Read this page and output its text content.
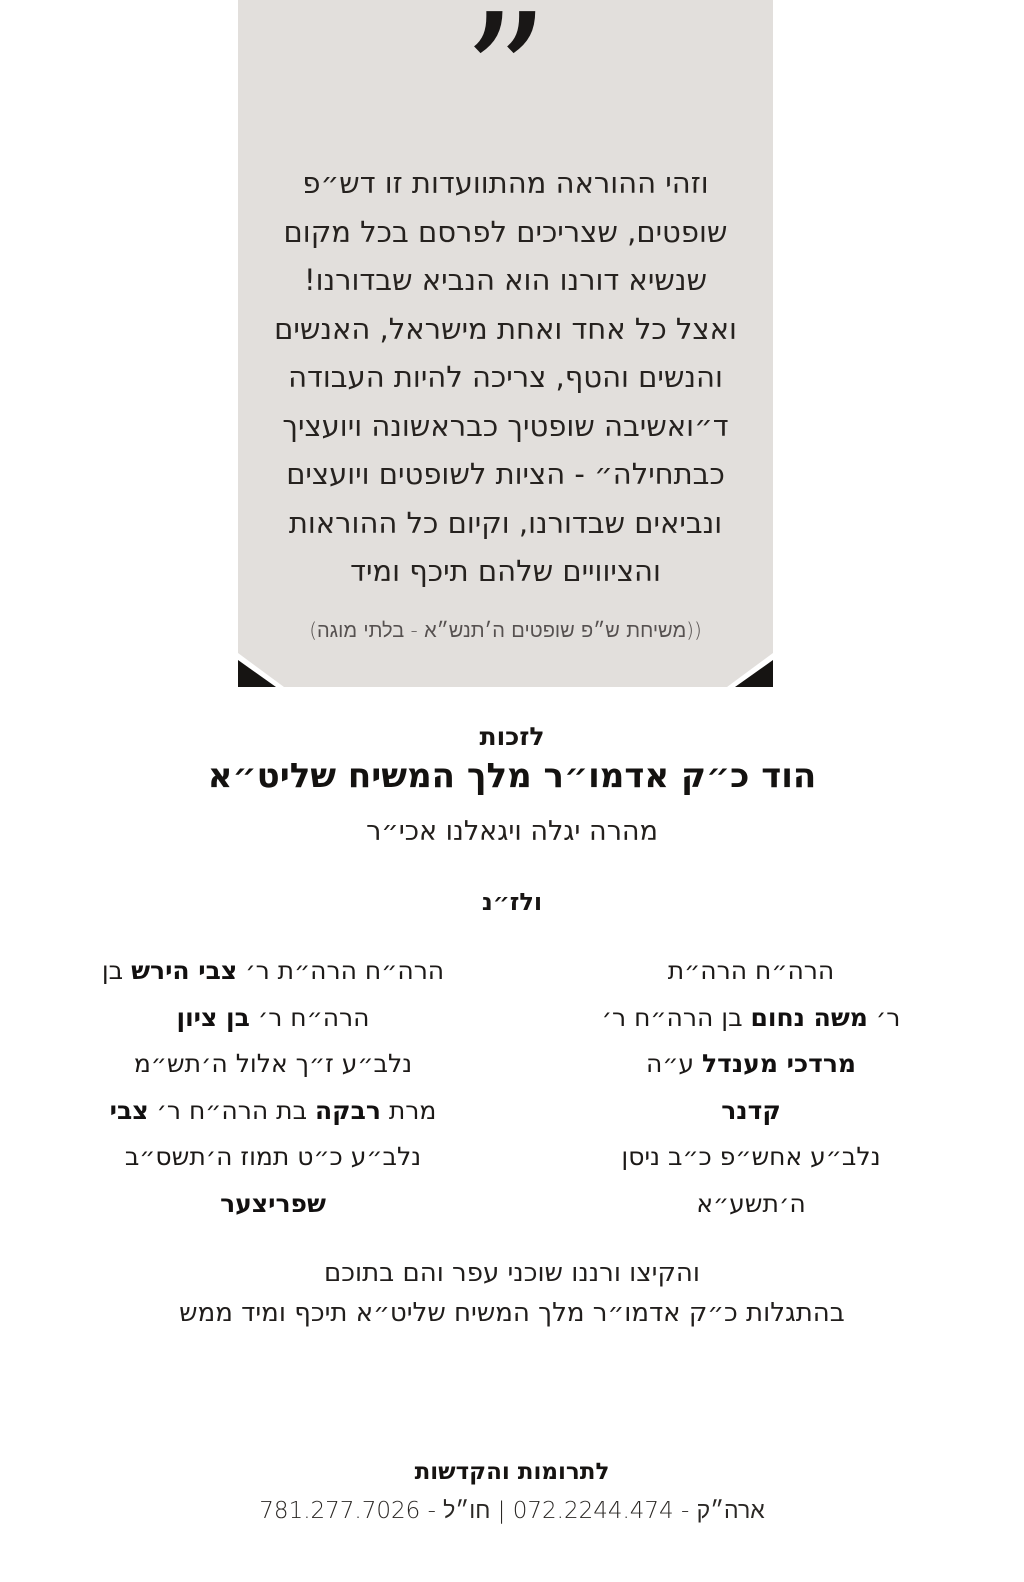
”
וזהי ההוראה מהתוועדות זו דש״פ
שופטים, שצריכים לפרסם בכל מקום
שנשיא דורנו הוא הנביא שבדורנו!
ואצל כל אחד ואחת מישראל, האנשים
והנשים והטף, צריכה להיות העבודה
ד״ואשיבה שופטיך כבראשונה ויועציך
כבתחילה״ - הציות לשופטים ויועצים
ונביאים שבדורנו, וקיום כל ההוראות
והציוויים שלהם תיכף ומיד
((משיחת ש״פ שופטים ה׳תנש״א - בלתי מוגה)
לזכות
הוד כ״ק אדמו״ר מלך המשיח שליט״א
מהרה יגלה ויגאלנו אכי״ר
ולז״נ
הרה״ח הרה״ת
ר׳ משה נחום בן הרה״ח ר׳
מרדכי מענדל ע״ה
קדנר
נלב״ע אחש״פ כ״ב ניסן
ה׳תשע״א
הרה״ח הרה״ת ר׳ צבי הירש בן
הרה״ח ר׳ בן ציון
נלב״ע ז״ך אלול ה׳תש״מ
מרת רבקה בת הרה״ח ר׳ צבי
נלב״ע כ״ט תמוז ה׳תשס״ב
שפריצער
והקיצו ורננו שוכני עפר והם בתוכם
בהתגלות כ״ק אדמו״ר מלך המשיח שליט״א תיכף ומיד ממש
לתרומות והקדשות
ארה״ק - 072.2244.474 | חו״ל - 781.277.7026
